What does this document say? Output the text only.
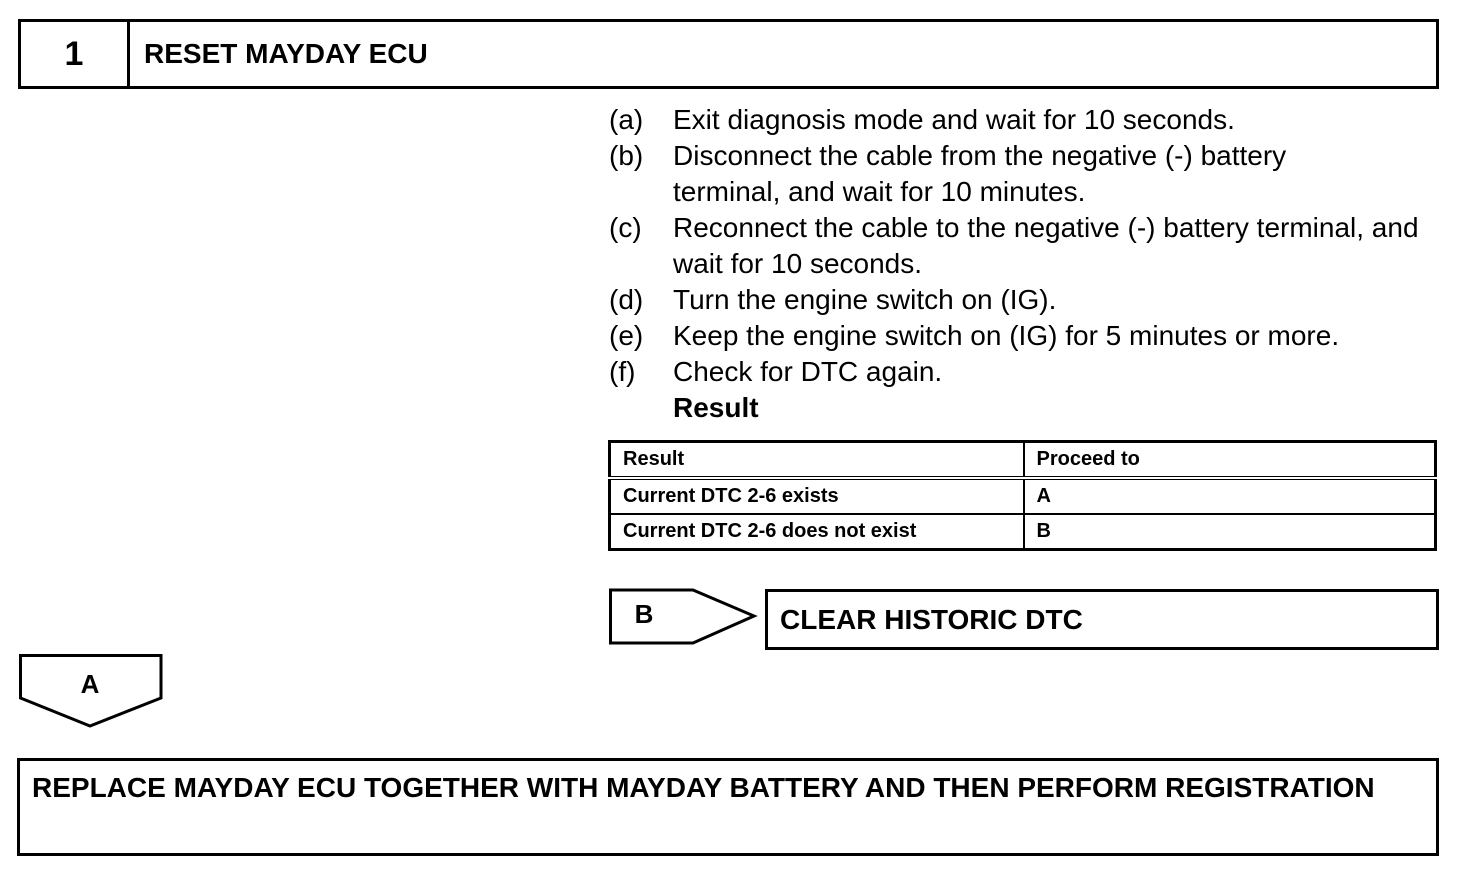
1	RESET MAYDAY ECU
(a)	Exit diagnosis mode and wait for 10 seconds.
(b)	Disconnect the cable from the negative (-) battery terminal, and wait for 10 minutes.
(c)	Reconnect the cable to the negative (-) battery terminal, and wait for 10 seconds.
(d)	Turn the engine switch on (IG).
(e)	Keep the engine switch on (IG) for 5 minutes or more.
(f)	Check for DTC again.
Result
Result	Proceed to
Current DTC 2-6 exists	A
Current DTC 2-6 does not exist	B
B	CLEAR HISTORIC DTC
A
REPLACE MAYDAY ECU TOGETHER WITH MAYDAY BATTERY AND THEN PERFORM REGISTRATION
